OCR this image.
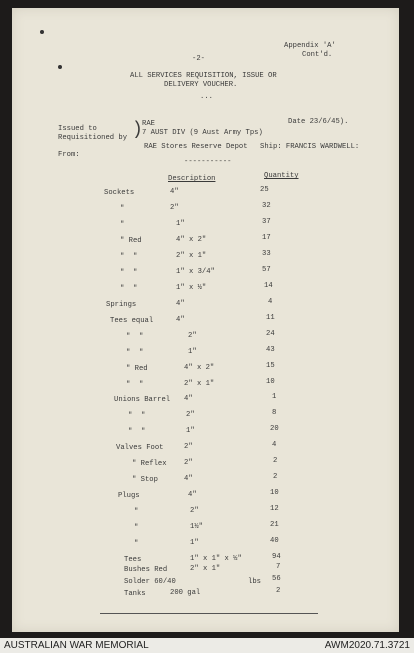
Appendix 'A'
Cont'd.
-2-
ALL SERVICES REQUISITION, ISSUE OR
DELIVERY VOUCHER.
...
Issued to
Requisitioned by ) RAE
7 AUST DIV (9 Aust Army Tps)
Date 23/6/45).
From:
RAE Stores Reserve Depot Ship: FRANCIS WARDWELL:
-----------
Description	Quantity
Sockets	4"	25
"	2"	32
"	1"	37
" Red	4" x 2"	17
"  "	2" x 1"	33
"  "	1" x 3/4"	57
"  "	1" x ½"	14
Springs	4"	4
Tees equal	4"	11
"  "	2"	24
"  "	1"	43
" Red	4" x 2"	15
"  "	2" x 1"	10
Unions Barrel 4"	1
"  "	2"	8
"  "	1"	20
Valves Foot	2"	4
" Reflex 2"	2
" Stop	4"	2
Plugs	4"	10
"	2"	12
"	1½"	21
"	1"	40
Tees	1" x 1" x ½"	94
Bushes Red	2" x 1"	7
Solder 60/40	lbs 56
Tanks	200 gal	2
AUSTRALIAN WAR MEMORIAL	AWM2020.71.3721
